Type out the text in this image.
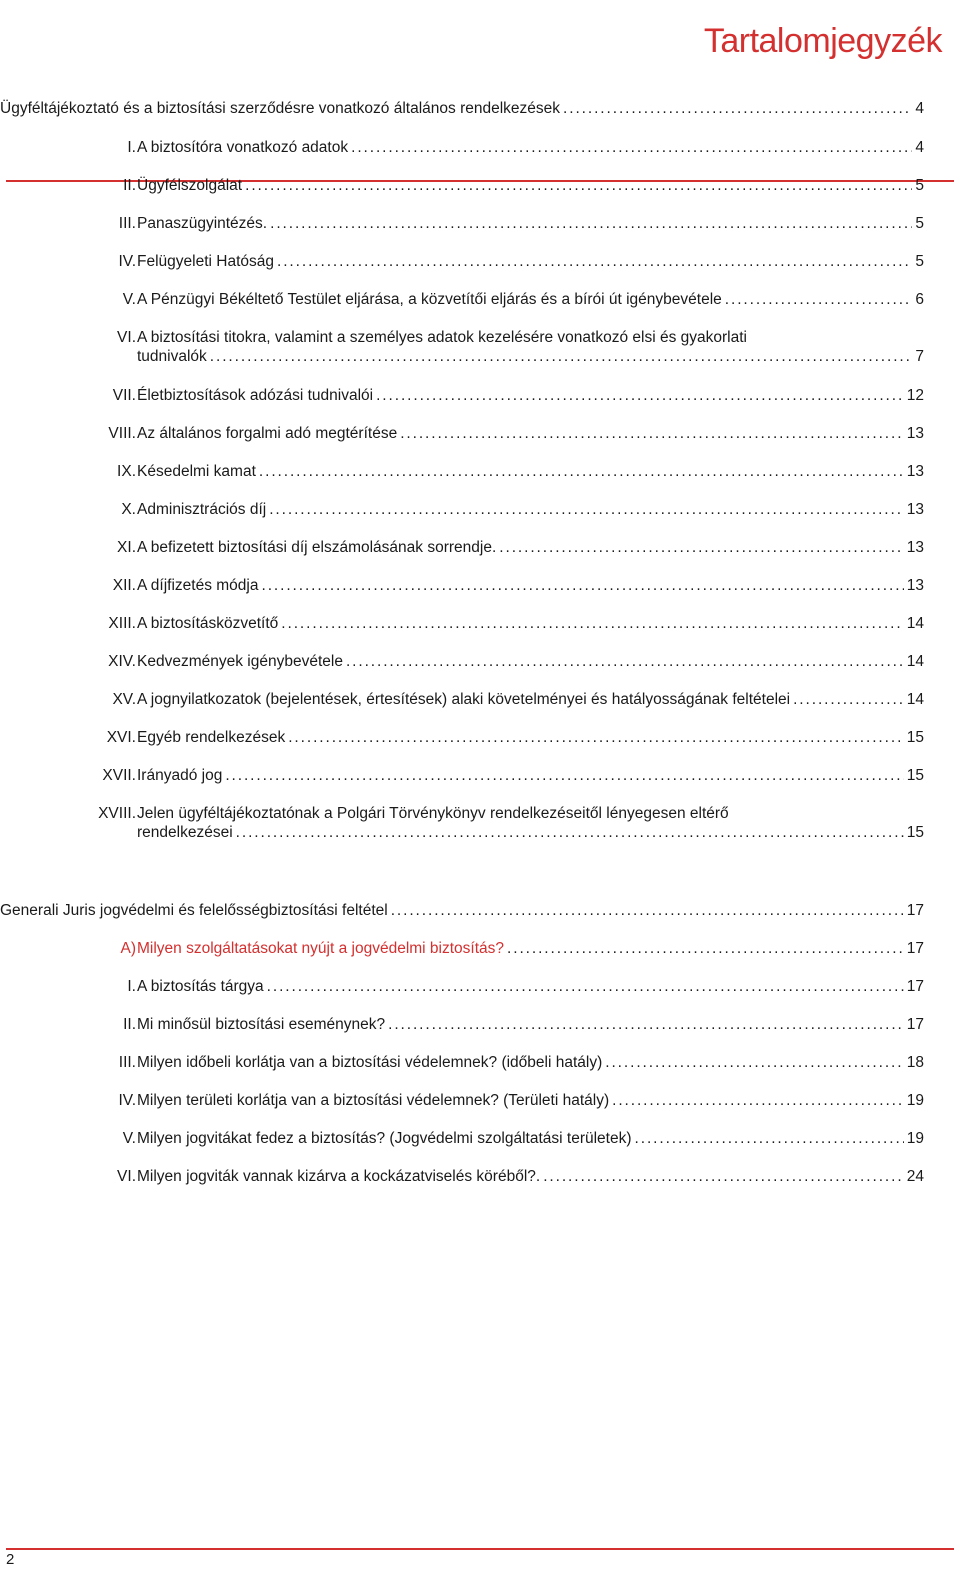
Tartalomjegyzék
Ügyféltájékoztató és a biztosítási szerződésre vonatkozó általános rendelkezések . . .	4
I. A biztosítóra vonatkozó adatok . . .	4
II. Ügyfélszolgálat . . .	5
III. Panaszügyintézés. . . .	5
IV. Felügyeleti Hatóság . . .	5
V. A Pénzügyi Békéltető Testület eljárása, a közvetítői eljárás és a bírói út igénybevétele . . .	6
VI. A biztosítási titokra, valamint a személyes adatok kezelésére vonatkozó elsi és gyakorlati
tudnivalók . . .	7
VII. Életbiztosítások adózási tudnivalói . . .	12
VIII. Az általános forgalmi adó megtérítése . . .	13
IX. Késedelmi kamat . . .	13
X. Adminisztrációs díj . . .	13
XI. A befizetett biztosítási díj elszámolásának sorrendje. . . .	13
XII. A díjfizetés módja . . .	13
XIII. A biztosításközvetítő . . .	14
XIV. Kedvezmények igénybevétele . . .	14
XV. A jognyilatkozatok (bejelentések, értesítések) alaki követelményei és hatályosságának feltételei . . .	14
XVI. Egyéb rendelkezések . . .	15
XVII. Irányadó jog . . .	15
XVIII. Jelen ügyféltájékoztatónak a Polgári Törvénykönyv rendelkezéseitől lényegesen eltérő
rendelkezései . . .	15
Generali Juris jogvédelmi és felelősségbiztosítási feltétel . . .	17
A) Milyen szolgáltatásokat nyújt a jogvédelmi biztosítás? . . .	17
I. A biztosítás tárgya . . .	17
II. Mi minősül biztosítási eseménynek? . . .	17
III. Milyen időbeli korlátja van a biztosítási védelemnek? (időbeli hatály) . . .	18
IV. Milyen területi korlátja van a biztosítási védelemnek? (Területi hatály) . . .	19
V. Milyen jogvitákat fedez a biztosítás? (Jogvédelmi szolgáltatási területek) . . .	19
VI. Milyen jogviták vannak kizárva a kockázatviselés köréből?. . . .	24
2
